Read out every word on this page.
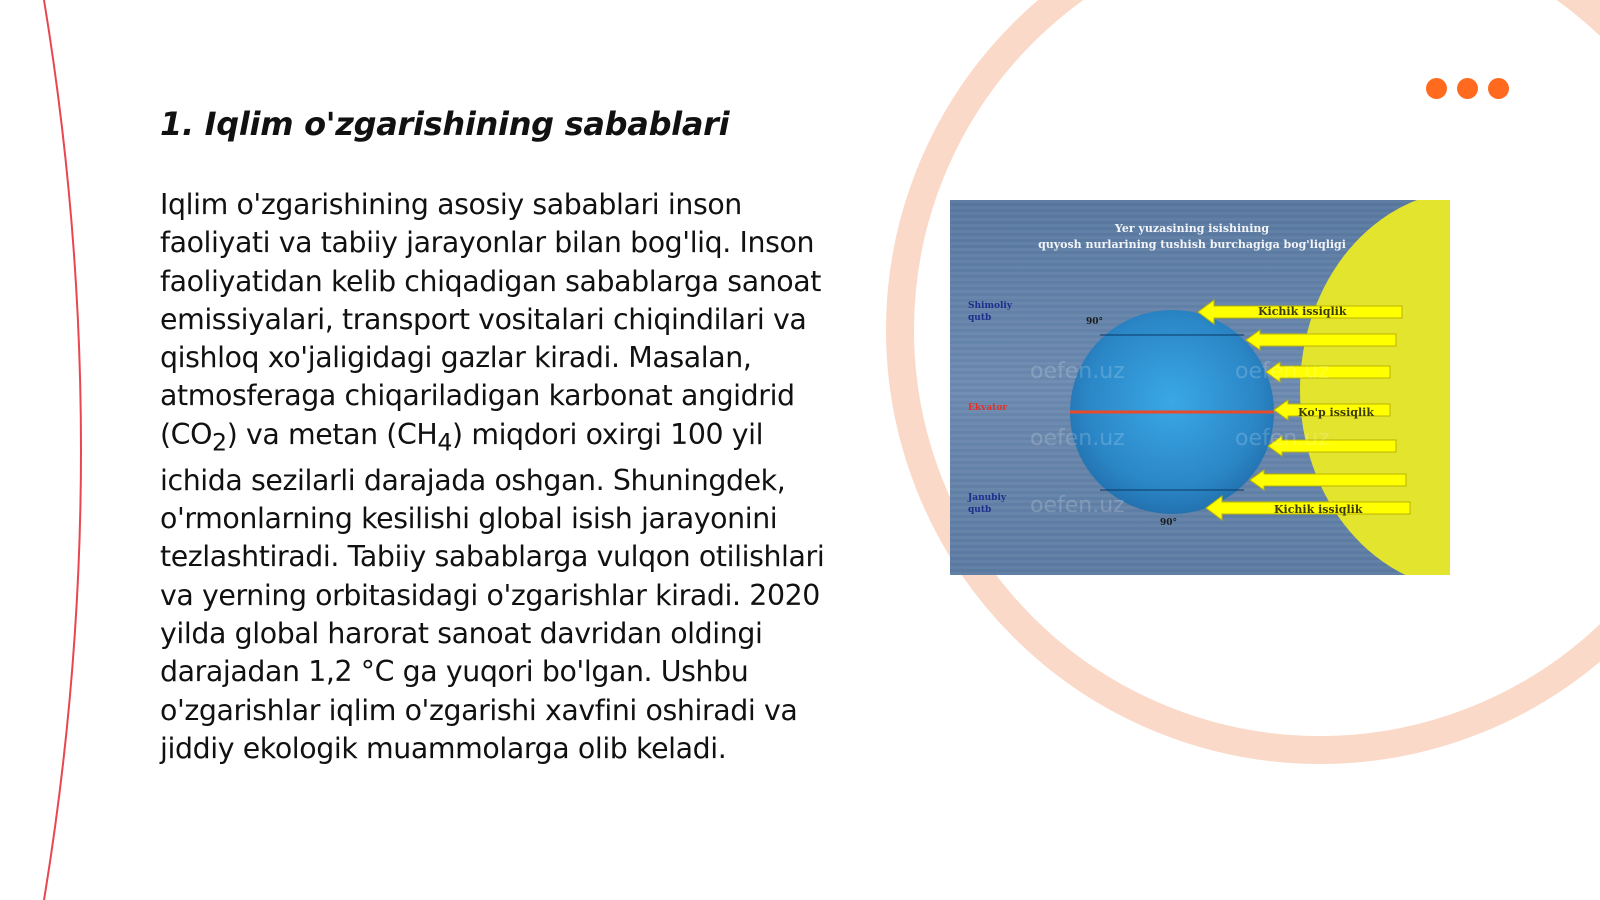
1. Iqlim o'zgarishining sabablari

Iqlim o'zgarishining asosiy sabablari inson faoliyati va tabiiy jarayonlar bilan bog'liq. Inson faoliyatidan kelib chiqadigan sabablarga sanoat emissiyalari, transport vositalari chiqindilari va qishloq xo'jaligidagi gazlar kiradi. Masalan, atmosferaga chiqariladigan karbonat angidrid $(CO_2)$ va metan $(CH_4)$ miqdori oxirgi 100 yil ichida sezilarli darajada oshgan. Shuningdek, o'rmonlarning kesilishi global isish jarayonini tezlashtiradi. Tabiiy sabablarga vulqon otilishlari va yerning orbitasidagi o'zgarishlar kiradi. 2020 yilda global harorat sanoat davridan oldingi darajadan 1,2 °C ga yuqori bo'lgan. Ushbu o'zgarishlar iqlim o'zgarishi xavfini oshiradi va jiddiy ekologik muammolarga olib keladi.

Yer yuzasining isishining
quyosh nurlarining tushish burchagiga bog'liqligi
Kichik issiqlik
Ko'p issiqlik
Kichik issiqlik
Shimoliy
qutb
Ekvator
Janubiy
qutb
90°
90°
oefen.uz	oefen.uz
oefen.uz	oefen.uz
oefen.uz
